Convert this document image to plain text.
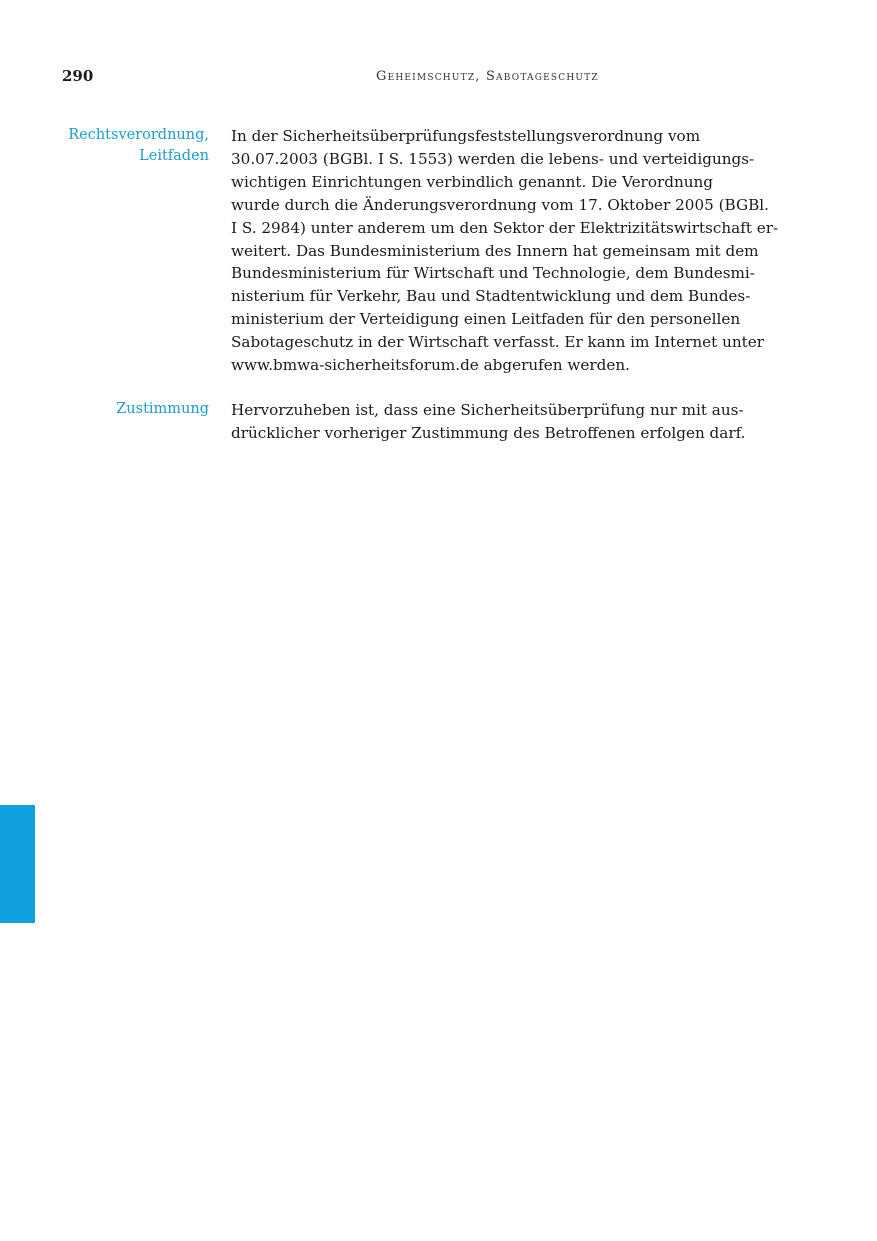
290	Geheimschutz, Sabotageschutz
Rechtsverordnung,
Leitfaden
In der Sicherheitsüberprüfungsfeststellungsverordnung vom
30.07.2003 (BGBl. I S. 1553) werden die lebens- und verteidigungs-
wichtigen Einrichtungen verbindlich genannt. Die Verordnung
wurde durch die Änderungsverordnung vom 17. Oktober 2005 (BGBl.
I S. 2984) unter anderem um den Sektor der Elektrizitätswirtschaft er-
weitert. Das Bundesministerium des Innern hat gemeinsam mit dem
Bundesministerium für Wirtschaft und Technologie, dem Bundesmi-
nisterium für Verkehr, Bau und Stadtentwicklung und dem Bundes-
ministerium der Verteidigung einen Leitfaden für den personellen
Sabotageschutz in der Wirtschaft verfasst. Er kann im Internet unter
www.bmwa-sicherheitsforum.de abgerufen werden.
Zustimmung Hervorzuheben ist, dass eine Sicherheitsüberprüfung nur mit aus-
drücklicher vorheriger Zustimmung des Betroffenen erfolgen darf.
